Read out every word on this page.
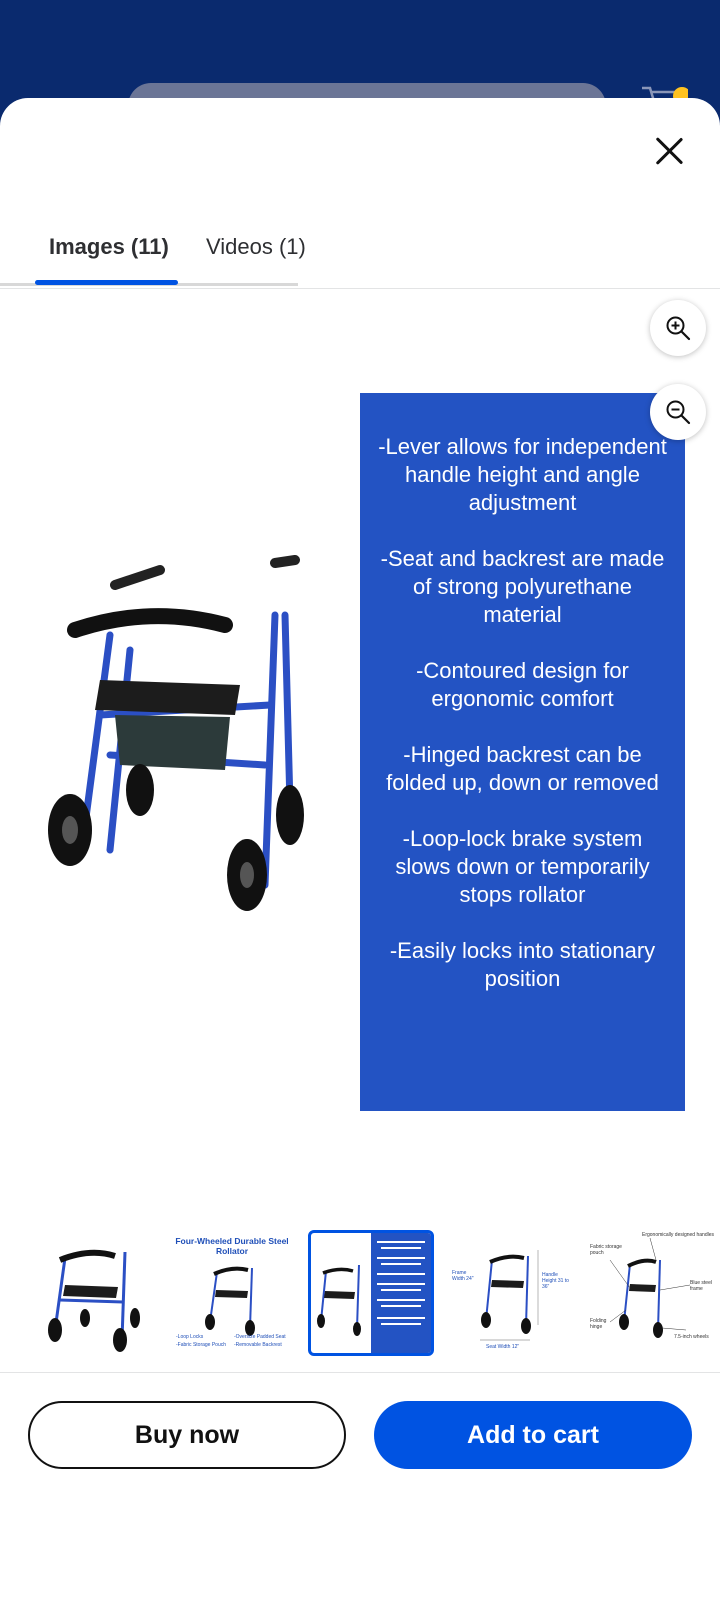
Images (11) Videos (1)
-Lever allows for independent handle height and angle adjustment
-Seat and backrest are made of strong polyurethane material
-Contoured design for ergonomic comfort
-Hinged backrest can be folded up, down or removed
-Loop-lock brake system slows down or temporarily stops rollator
-Easily locks into stationary position
Four-Wheeled Durable Steel Rollator
-Loop Locks
-Fabric Storage Pouch
-Oversize Padded Seat
-Removable Backrest
Frame Width 24"
Handle Height 31 to 36"
Seat Width 12"
Ergonomically designed handles
Fabric storage pouch
Blue steel frame
Folding hinge
7.5-inch wheels
Buy now	Add to cart
